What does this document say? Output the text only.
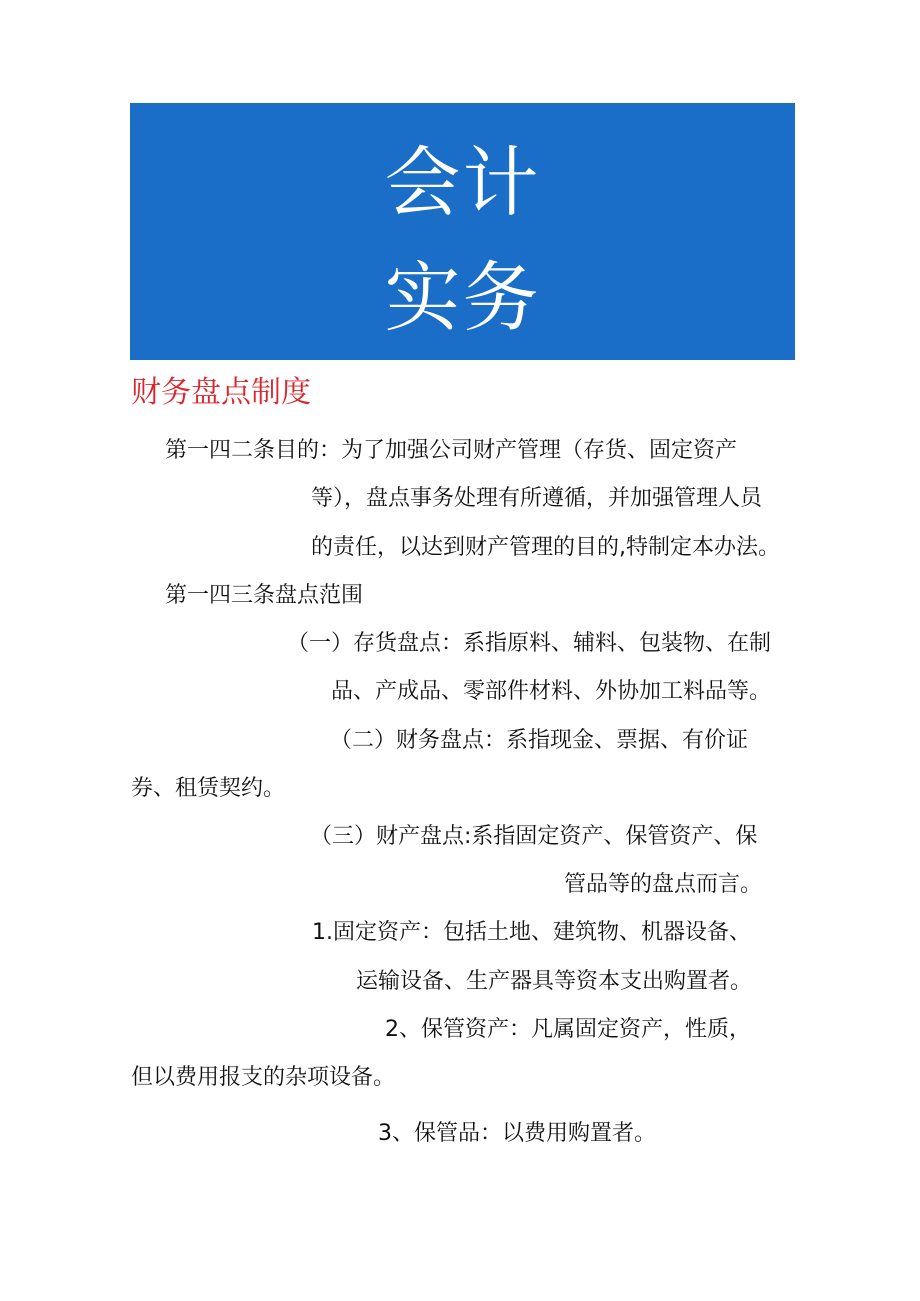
会计
实务
财务盘点制度
第一四二条目的：为了加强公司财产管理（存货、固定资产
等），盘点事务处理有所遵循，并加强管理人员
的责任，以达到财产管理的目的,特制定本办法。
第一四三条盘点范围
（一）存货盘点：系指原料、辅料、包装物、在制
品、产成品、零部件材料、外协加工料品等。
（二）财务盘点：系指现金、票据、有价证
券、租赁契约。
（三）财产盘点:系指固定资产、保管资产、保
管品等的盘点而言。
1.固定资产：包括土地、建筑物、机器设备、
运输设备、生产器具等资本支出购置者。
2、保管资产：凡属固定资产，性质，
但以费用报支的杂项设备。
3、保管品：以费用购置者。
